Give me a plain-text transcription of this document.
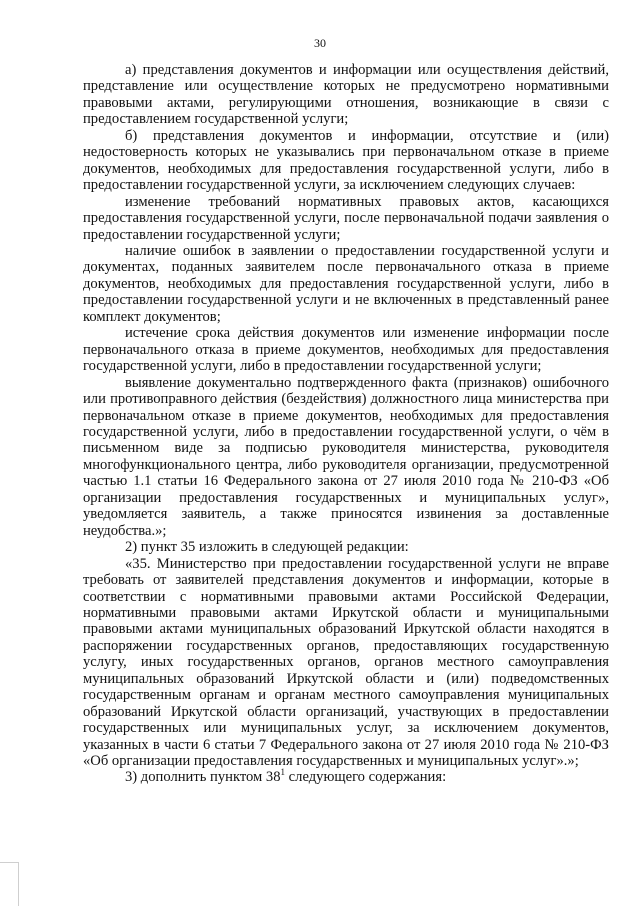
30

а) представления документов и информации или осуществления действий, представление или осуществление которых не предусмотрено нормативными правовыми актами, регулирующими отношения, возникающие в связи с предоставлением государственной услуги;

б) представления документов и информации, отсутствие и (или) недостоверность которых не указывались при первоначальном отказе в приеме документов, необходимых для предоставления государственной услуги, либо в предоставлении государственной услуги, за исключением следующих случаев:

изменение требований нормативных правовых актов, касающихся предоставления государственной услуги, после первоначальной подачи заявления о предоставлении государственной услуги;

наличие ошибок в заявлении о предоставлении государственной услуги и документах, поданных заявителем после первоначального отказа в приеме документов, необходимых для предоставления государственной услуги, либо в предоставлении государственной услуги и не включенных в представленный ранее комплект документов;

истечение срока действия документов или изменение информации после первоначального отказа в приеме документов, необходимых для предоставления государственной услуги, либо в предоставлении государственной услуги;

выявление документально подтвержденного факта (признаков) ошибочного или противоправного действия (бездействия) должностного лица министерства при первоначальном отказе в приеме документов, необходимых для предоставления государственной услуги, либо в предоставлении государственной услуги, о чём в письменном виде за подписью руководителя министерства, руководителя многофункционального центра, либо руководителя организации, предусмотренной частью 1.1 статьи 16 Федерального закона от 27 июля 2010 года № 210-ФЗ «Об организации предоставления государственных и муниципальных услуг», уведомляется заявитель, а также приносятся извинения за доставленные неудобства.»;

2) пункт 35 изложить в следующей редакции:

«35. Министерство при предоставлении государственной услуги не вправе требовать от заявителей представления документов и информации, которые в соответствии с нормативными правовыми актами Российской Федерации, нормативными правовыми актами Иркутской области и муниципальными правовыми актами муниципальных образований Иркутской области находятся в распоряжении государственных органов, предоставляющих государственную услугу, иных государственных органов, органов местного самоуправления муниципальных образований Иркутской области и (или) подведомственных государственным органам и органам местного самоуправления муниципальных образований Иркутской области организаций, участвующих в предоставлении государственных или муниципальных услуг, за исключением документов, указанных в части 6 статьи 7 Федерального закона от 27 июля 2010 года № 210-ФЗ «Об организации предоставления государственных и муниципальных услуг».»;

3) дополнить пунктом $38^1$ следующего содержания:
